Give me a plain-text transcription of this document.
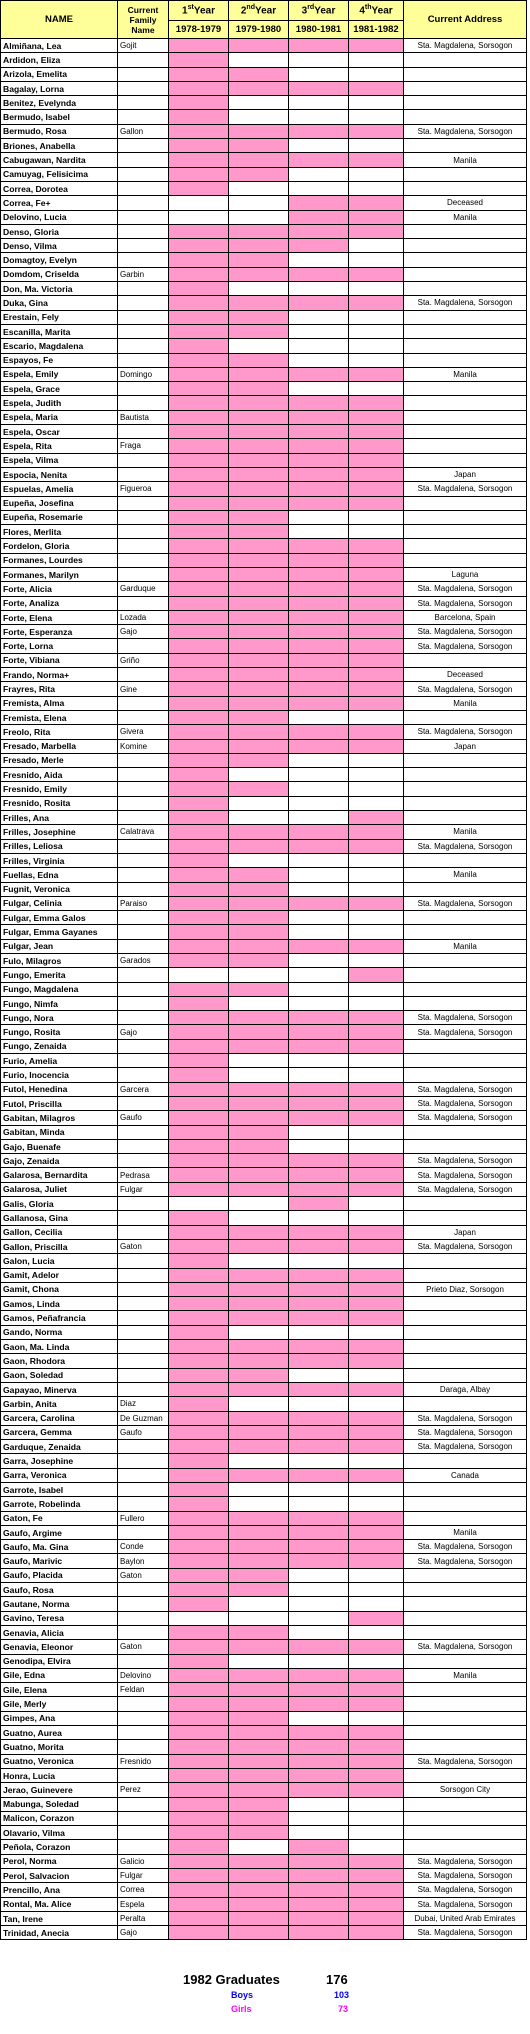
NAME	Current Family Name	1stYear	2ndYear	3rdYear	4thYear	Current Address
		1978-1979	1979-1980	1980-1981	1981-1982	
Almiñana, Lea	Gojit					Sta. Magdalena, Sorsogon
Ardidon, Eliza						
Arizola, Emelita						
Bagalay, Lorna						
Benitez, Evelynda						
Bermudo, Isabel						
Bermudo, Rosa	Gallon					Sta. Magdalena, Sorsogon
Briones, Anabella						
Cabugawan, Nardita						Manila
Camuyag, Felisicima						
Correa, Dorotea						
Correa, Fe+						Deceased
Delovino, Lucia						Manila
Denso, Gloria						
Denso, Vilma						
Domagtoy, Evelyn						
Domdom, Criselda	Garbin					
Don, Ma. Victoria						
Duka, Gina						Sta. Magdalena, Sorsogon
Erestain, Fely						
Escanilla, Marita						
Escario, Magdalena						
Espayos, Fe						
Espela, Emily	Domingo					Manila
Espela, Grace						
Espela, Judith						
Espela, Maria	Bautista					
Espela, Oscar						
Espela, Rita	Fraga					
Espela, Vilma						
Espocia, Nenita						Japan
Espuelas, Amelia	Figueroa					Sta. Magdalena, Sorsogon
Eupeña, Josefina						
Eupeña, Rosemarie						
Flores, Merlita						
Fordelon, Gloria						
Formanes, Lourdes						
Formanes, Marilyn						Laguna
Forte, Alicia	Garduque					Sta. Magdalena, Sorsogon
Forte, Analiza						Sta. Magdalena, Sorsogon
Forte, Elena	Lozada					Barcelona, Spain
Forte, Esperanza	Gajo					Sta. Magdalena, Sorsogon
Forte, Lorna						Sta. Magdalena, Sorsogon
Forte, Vibiana	Griño					
Frando, Norma+						Deceased
Frayres, Rita	Gine					Sta. Magdalena, Sorsogon
Fremista, Alma						Manila
Fremista, Elena						
Freolo, Rita	Givera					Sta. Magdalena, Sorsogon
Fresado, Marbella	Komine					Japan
Fresado, Merle						
Fresnido, Aida						
Fresnido, Emily						
Fresnido, Rosita						
Frilles, Ana						
Frilles, Josephine	Calatrava					Manila
Frilles, Leliosa						Sta. Magdalena, Sorsogon
Frilles, Virginia						
Fuellas, Edna						Manila
Fugnit, Veronica						
Fulgar, Celinia	Paraiso					Sta. Magdalena, Sorsogon
Fulgar, Emma Galos						
Fulgar, Emma Gayanes						
Fulgar, Jean						Manila
Fulo, Milagros	Garados					
Fungo, Emerita						
Fungo, Magdalena						
Fungo, Nimfa						
Fungo, Nora						Sta. Magdalena, Sorsogon
Fungo, Rosita	Gajo					Sta. Magdalena, Sorsogon
Fungo, Zenaida						
Furio, Amelia						
Furio, Inocencia						
Futol, Henedina	Garcera					Sta. Magdalena, Sorsogon
Futol, Priscilla						Sta. Magdalena, Sorsogon
Gabitan, Milagros	Gaufo					Sta. Magdalena, Sorsogon
Gabitan, Minda						
Gajo, Buenafe						
Gajo, Zenaida						Sta. Magdalena, Sorsogon
Galarosa, Bernardita	Pedrasa					Sta. Magdalena, Sorsogon
Galarosa, Juliet	Fulgar					Sta. Magdalena, Sorsogon
Galis, Gloria						
Gallanosa, Gina						
Gallon, Cecilia						Japan
Gallon, Priscilla	Gaton					Sta. Magdalena, Sorsogon
Galon, Lucia						
Gamit, Adelor						
Gamit, Chona						Prieto Diaz, Sorsogon
Gamos, Linda						
Gamos, Peñafrancia						
Gando, Norma						
Gaon, Ma. Linda						
Gaon, Rhodora						
Gaon, Soledad						
Gapayao, Minerva						Daraga, Albay
Garbin, Anita	Diaz					
Garcera, Carolina	De Guzman					Sta. Magdalena, Sorsogon
Garcera, Gemma	Gaufo					Sta. Magdalena, Sorsogon
Garduque, Zenaida						Sta. Magdalena, Sorsogon
Garra, Josephine						
Garra, Veronica						Canada
Garrote, Isabel						
Garrote, Robelinda						
Gaton, Fe	Fullero					
Gaufo, Argime						Manila
Gaufo, Ma. Gina	Conde					Sta. Magdalena, Sorsogon
Gaufo, Marivic	Baylon					Sta. Magdalena, Sorsogon
Gaufo, Placida	Gaton					
Gaufo, Rosa						
Gautane, Norma						
Gavino, Teresa						
Genavia, Alicia						
Genavia, Eleonor	Gaton					Sta. Magdalena, Sorsogon
Genodipa, Elvira						
Gile, Edna	Delovino					Manila
Gile, Elena	Feldan					
Gile, Merly						
Gimpes, Ana						
Guatno, Aurea						
Guatno, Morita						
Guatno, Veronica	Fresnido					Sta. Magdalena, Sorsogon
Honra, Lucia						
Jerao, Guinevere	Perez					Sorsogon City
Mabunga, Soledad						
Malicon, Corazon						
Olavario, Vilma						
Peñola, Corazon						
Perol, Norma	Galicio					Sta. Magdalena, Sorsogon
Perol, Salvacion	Fulgar					Sta. Magdalena, Sorsogon
Prencillo, Ana	Correa					Sta. Magdalena, Sorsogon
Rontal, Ma. Alice	Espela					Sta. Magdalena, Sorsogon
Tan, Irene	Peralta					Dubai, United Arab Emirates
Trinidad, Anecia	Gajo					Sta. Magdalena, Sorsogon
1982 Graduates	176
Boys	103
Girls	73
